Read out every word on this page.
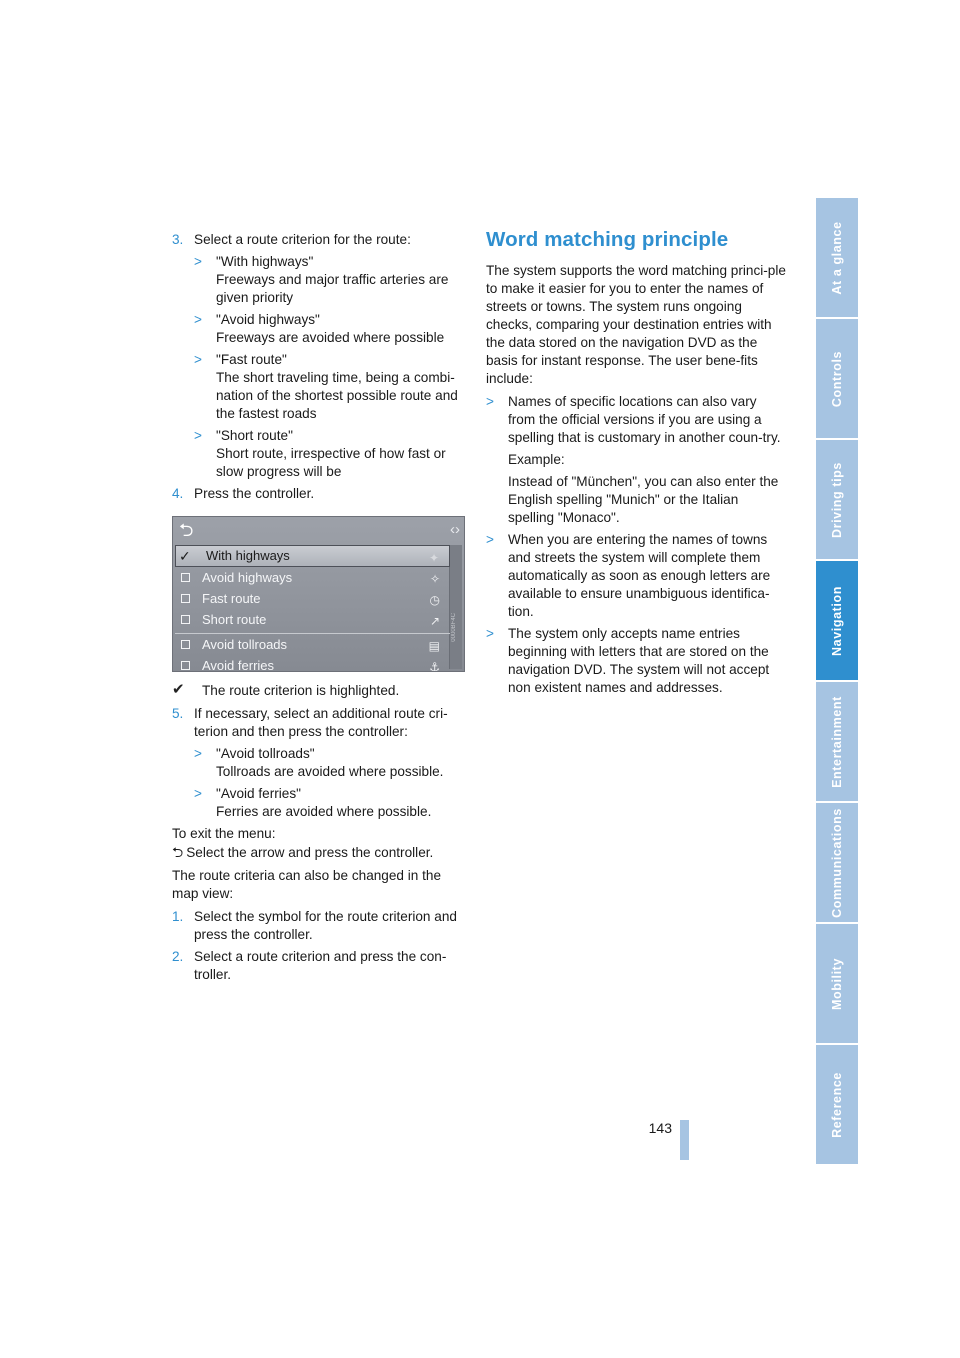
3. Select a route criterion for the route:
> "With highways"
Freeways and major traffic arteries are given priority
> "Avoid highways"
Freeways are avoided where possible
> "Fast route"
The short traveling time, being a combi-nation of the shortest possible route and the fastest roads
> "Short route"
Short route, irrespective of how fast or slow progress will be
4. Press the controller.
⮌	‹›
✓	With highways	✦
Avoid highways	✧
Fast route	◷
Short route	↗
Avoid tollroads	▤
Avoid ferries	⚓
0000BF4C
✔ The route criterion is highlighted.
5. If necessary, select an additional route cri-terion and then press the controller:
> "Avoid tollroads"
Tollroads are avoided where possible.
> "Avoid ferries"
Ferries are avoided where possible.

To exit the menu:
⮌ Select the arrow and press the controller.

The route criteria can also be changed in the map view:

1. Select the symbol for the route criterion and press the controller.
2. Select a route criterion and press the con-troller.
Word matching principle

The system supports the word matching princi-ple to make it easier for you to enter the names of streets or towns. The system runs ongoing checks, comparing your destination entries with the data stored on the navigation DVD as the basis for instant response. The user bene-fits include:

> Names of specific locations can also vary from the official versions if you are using a spelling that is customary in another coun-try.
Example:
Instead of "München", you can also enter the English spelling "Munich" or the Italian spelling "Monaco".
> When you are entering the names of towns and streets the system will complete them automatically as soon as enough letters are available to ensure unambiguous identifica-tion.
> The system only accepts name entries beginning with letters that are stored on the navigation DVD. The system will not accept non existent names and addresses.
At a glance
Controls
Driving tips
Navigation
Entertainment
Communications
Mobility
Reference
143
